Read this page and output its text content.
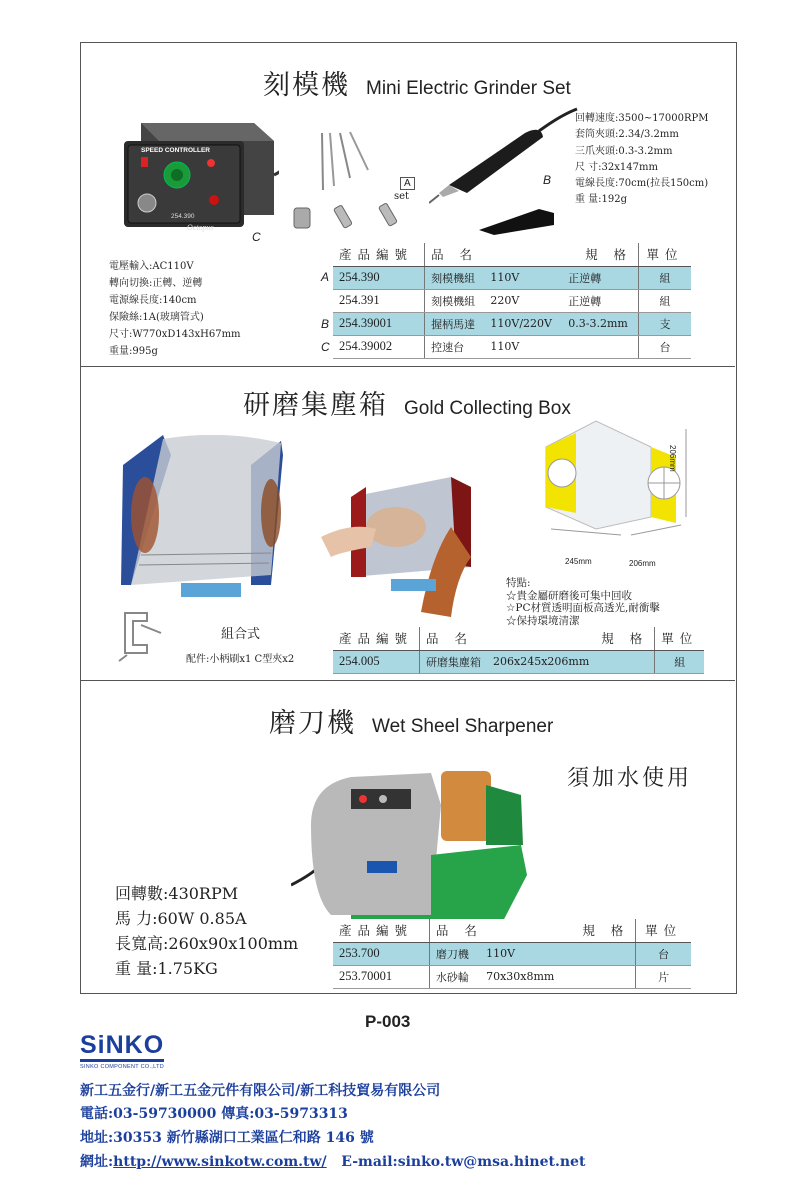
刻模機 Mini Electric Grinder Set
SPEED CONTROLLER
254.390
Octopus
C
A
set
B
回轉速度:3500~17000RPM
套筒夾頭:2.34/3.2mm
三爪夾頭:0.3-3.2mm
尺 寸:32x147mm
電線長度:70cm(拉長150cm)
重 量:192g
電壓輸入:AC110V
轉向切換:正轉、逆轉
電源線長度:140cm
保險絲:1A(玻璃管式)
尺寸:W770xD143xH67mm
重量:995g
A
B
C
產品編號	品 名		規 格	單位
254.390	刻模機組	110V	正逆轉	組
254.391	刻模機組	220V	正逆轉	組
254.39001	握柄馬達	110V/220V	0.3-3.2mm	支
254.39002	控速台	110V		台
研磨集塵箱 Gold Collecting Box
206mm
245mm	206mm
特點:
☆貴金屬研磨後可集中回收
☆PC材質透明面板高透光,耐衝擊
☆保持環境清潔
組合式
配件:小柄刷x1 C型夾x2
產品編號	品 名		規 格	單位
254.005	研磨集塵箱	206x245x206mm		組
磨刀機 Wet Sheel Sharpener
須加水使用
回轉數:430RPM
馬 力:60W 0.85A
長寬高:260x90x100mm
重 量:1.75KG
產品編號	品 名		規 格	單位
253.700	磨刀機	110V		台
253.70001	水砂輪	70x30x8mm		片
P-003
SiNKO
SINKO COMPONENT CO.,LTD
新工五金行/新工五金元件有限公司/新工科技貿易有限公司
電話:03-59730000 傳真:03-5973313
地址:30353 新竹縣湖口工業區仁和路 146 號
網址:http://www.sinkotw.com.tw/ E-mail:sinko.tw@msa.hinet.net
